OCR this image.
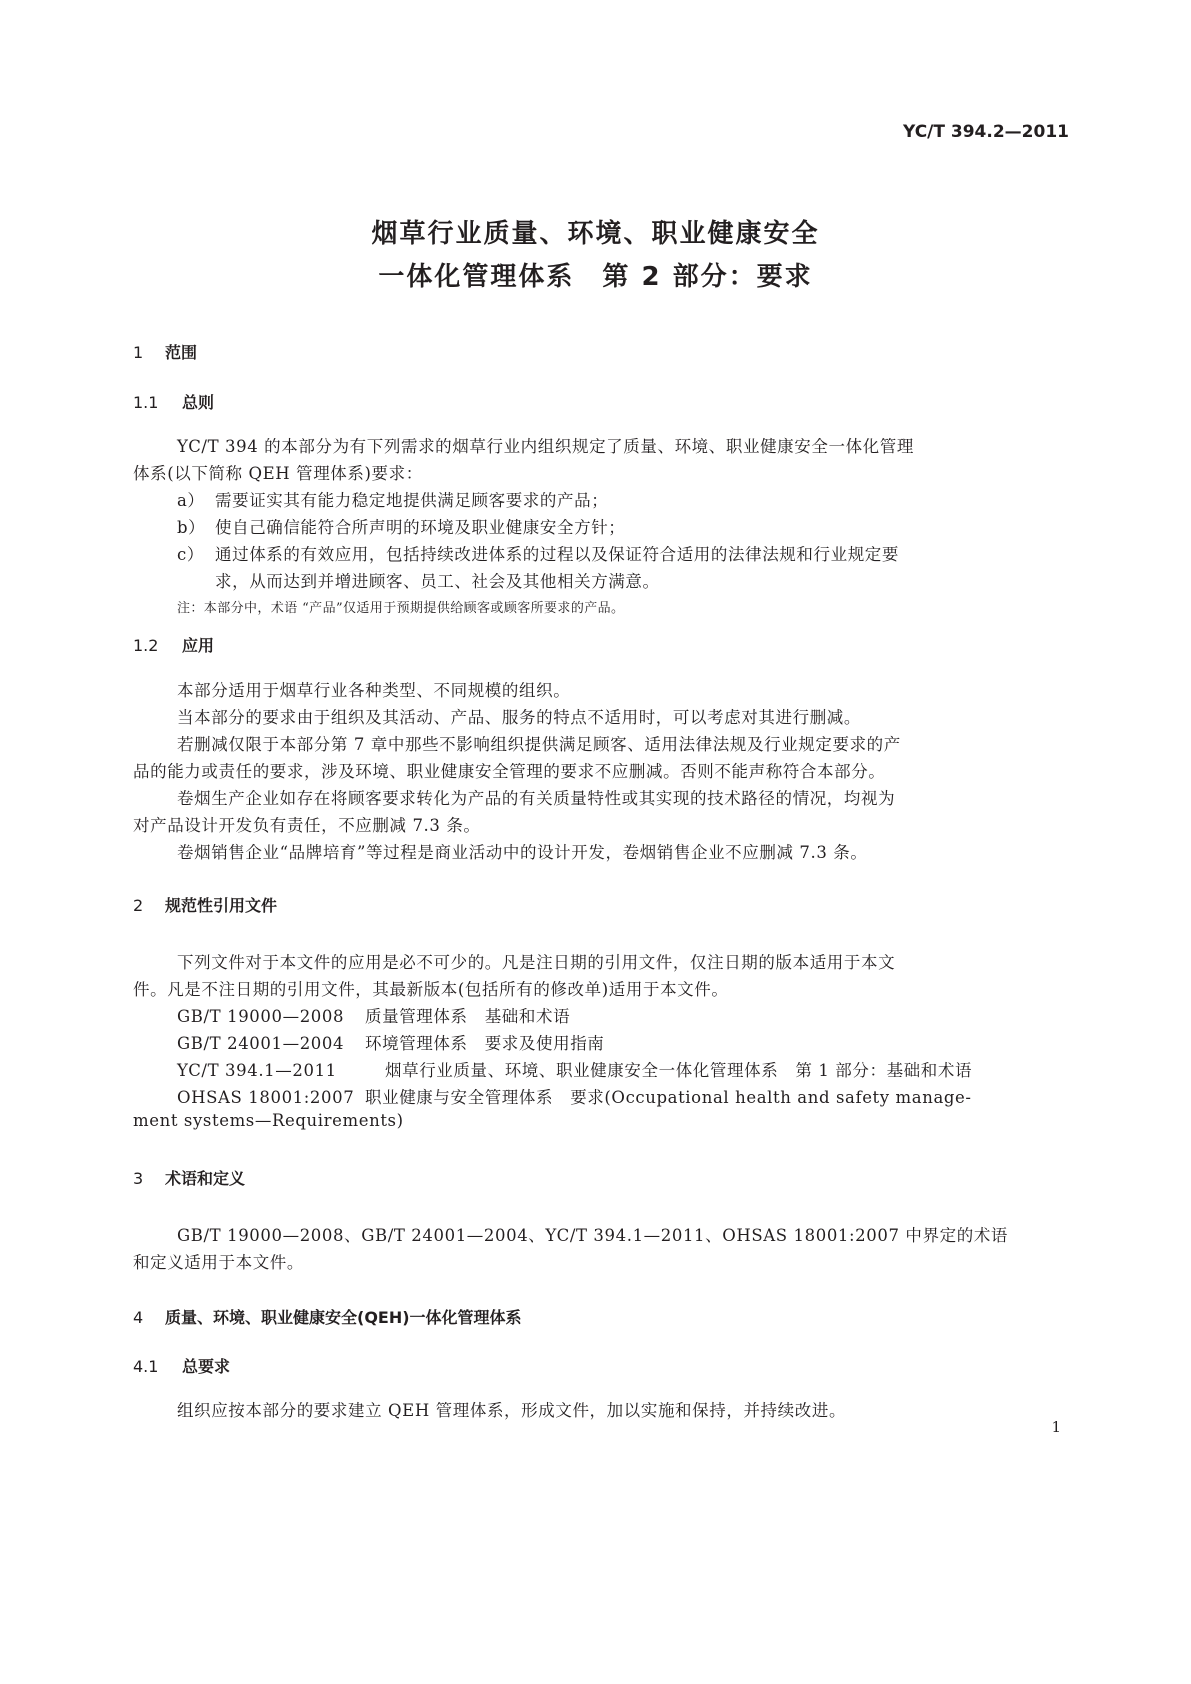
YC/T 394.2—2011
烟草行业质量、环境、职业健康安全
一体化管理体系　第 2 部分：要求
1 范围
1.1 总则
YC/T 394 的本部分为有下列需求的烟草行业内组织规定了质量、环境、职业健康安全一体化管理
体系(以下简称 QEH 管理体系)要求：
a） 需要证实其有能力稳定地提供满足顾客要求的产品；
b） 使自己确信能符合所声明的环境及职业健康安全方针；
c） 通过体系的有效应用，包括持续改进体系的过程以及保证符合适用的法律法规和行业规定要
求，从而达到并增进顾客、员工、社会及其他相关方满意。
注：本部分中，术语 “产品”仅适用于预期提供给顾客或顾客所要求的产品。
1.2 应用
本部分适用于烟草行业各种类型、不同规模的组织。
当本部分的要求由于组织及其活动、产品、服务的特点不适用时，可以考虑对其进行删减。
若删减仅限于本部分第 7 章中那些不影响组织提供满足顾客、适用法律法规及行业规定要求的产
品的能力或责任的要求，涉及环境、职业健康安全管理的要求不应删减。否则不能声称符合本部分。
卷烟生产企业如存在将顾客要求转化为产品的有关质量特性或其实现的技术路径的情况，均视为
对产品设计开发负有责任，不应删减 7.3 条。
卷烟销售企业“品牌培育”等过程是商业活动中的设计开发，卷烟销售企业不应删减 7.3 条。
2 规范性引用文件
下列文件对于本文件的应用是必不可少的。凡是注日期的引用文件，仅注日期的版本适用于本文
件。凡是不注日期的引用文件，其最新版本(包括所有的修改单)适用于本文件。
GB/T 19000—2008 质量管理体系　基础和术语
GB/T 24001—2004 环境管理体系　要求及使用指南
YC/T 394.1—2011	烟草行业质量、环境、职业健康安全一体化管理体系　第 1 部分：基础和术语
OHSAS 18001:2007 职业健康与安全管理体系　要求(Occupational health and safety manage-
ment systems—Requirements)
3 术语和定义
GB/T 19000—2008、GB/T 24001—2004、YC/T 394.1—2011、OHSAS 18001:2007 中界定的术语
和定义适用于本文件。
4 质量、环境、职业健康安全(QEH)一体化管理体系
4.1 总要求
组织应按本部分的要求建立 QEH 管理体系，形成文件，加以实施和保持，并持续改进。
1
